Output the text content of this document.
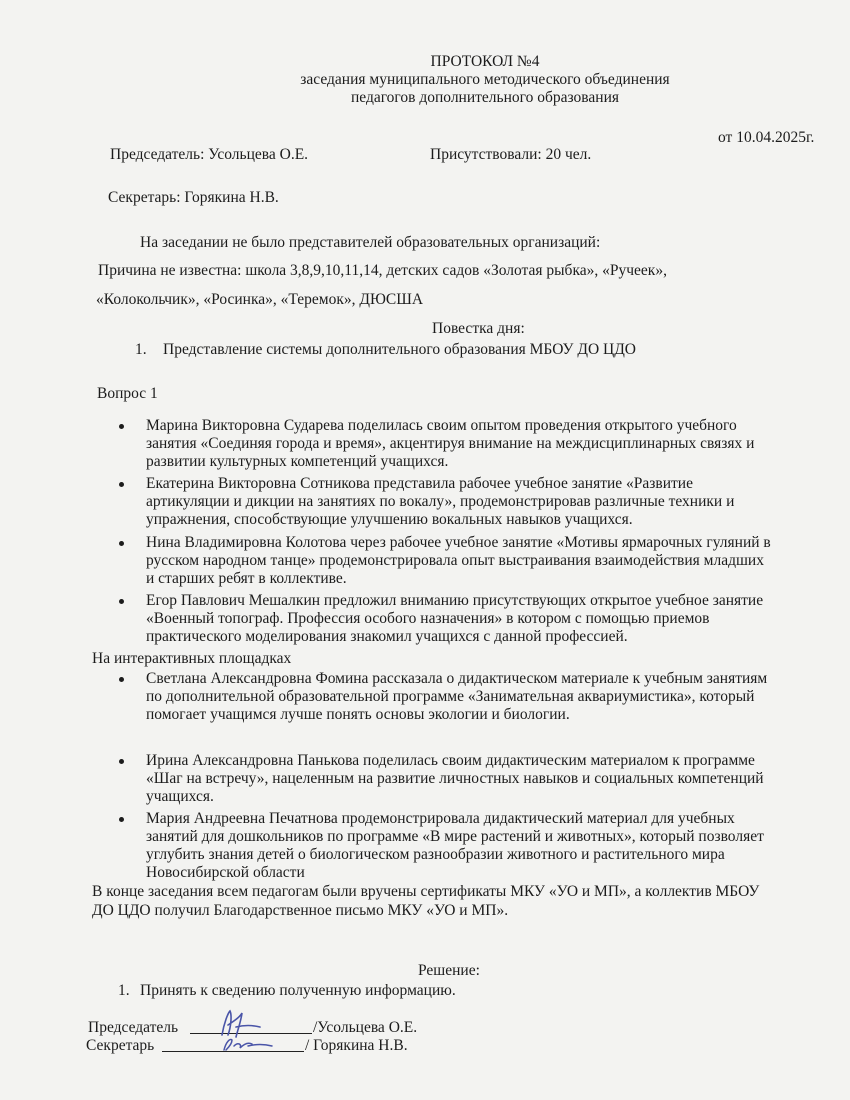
ПРОТОКОЛ №4
заседания муниципального методического объединения
педагогов дополнительного образования
от 10.04.2025г.
Председатель: Усольцева О.Е.	Присутствовали: 20 чел.
Секретарь: Горякина Н.В.
На заседании не было представителей образовательных организаций:
Причина не известна: школа 3,8,9,10,11,14, детских садов «Золотая рыбка», «Ручеек»,
«Колокольчик», «Росинка», «Теремок», ДЮСША
Повестка дня:
1. Представление системы дополнительного образования МБОУ ДО ЦДО
Вопрос 1
Марина Викторовна Сударева поделилась своим опытом проведения открытого учебного
занятия «Соединяя города и время», акцентируя внимание на междисциплинарных связях и
развитии культурных компетенций учащихся.
Екатерина Викторовна Сотникова представила рабочее учебное занятие «Развитие
артикуляции и дикции на занятиях по вокалу», продемонстрировав различные техники и
упражнения, способствующие улучшению вокальных навыков учащихся.
Нина Владимировна Колотова через рабочее учебное занятие «Мотивы ярмарочных гуляний в
русском народном танце» продемонстрировала опыт выстраивания взаимодействия младших
и старших ребят в коллективе.
Егор Павлович Мешалкин предложил вниманию присутствующих открытое учебное занятие
«Военный топограф. Профессия особого назначения» в котором с помощью приемов
практического моделирования знакомил учащихся с данной профессией.
На интерактивных площадках
Светлана Александровна Фомина рассказала о дидактическом материале к учебным занятиям
по дополнительной образовательной программе «Занимательная аквариумистика», который
помогает учащимся лучше понять основы экологии и биологии.
Ирина Александровна Панькова поделилась своим дидактическим материалом к программе
«Шаг на встречу», нацеленным на развитие личностных навыков и социальных компетенций
учащихся.
Мария Андреевна Печатнова продемонстрировала дидактический материал для учебных
занятий для дошкольников по программе «В мире растений и животных», который позволяет
углубить знания детей о биологическом разнообразии животного и растительного мира
Новосибирской области
В конце заседания всем педагогам были вручены сертификаты МКУ «УО и МП», а коллектив МБОУ
ДО ЦДО получил Благодарственное письмо МКУ «УО и МП».
Решение:
1. Принять к сведению полученную информацию.
Председатель	/Усольцева О.Е.
Секретарь	/ Горякина Н.В.
